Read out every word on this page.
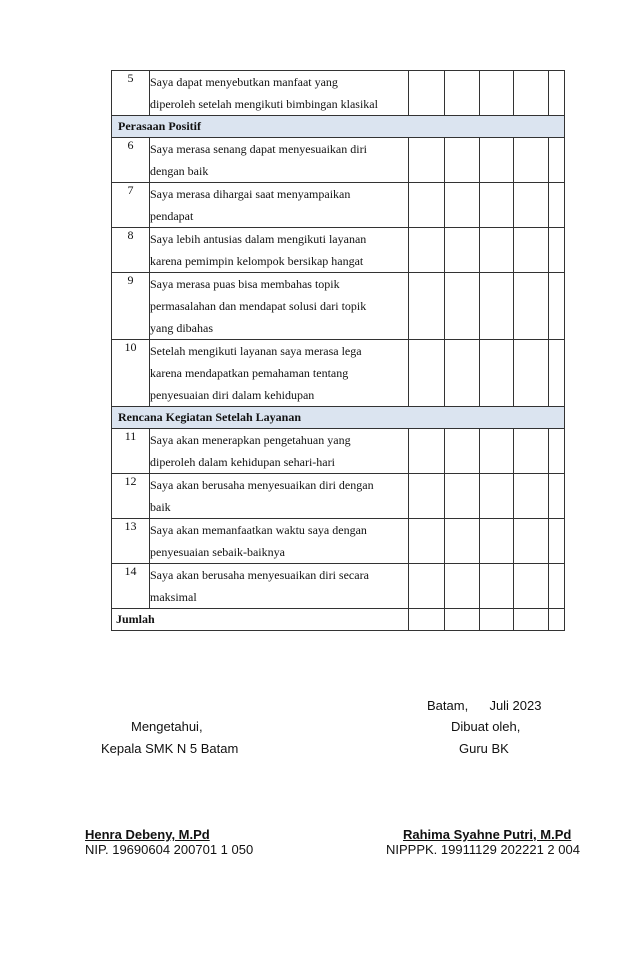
5	Saya dapat menyebutkan manfaat yang
diperoleh setelah mengikuti bimbingan klasikal					

Perasaan Positif						
6	Saya merasa senang dapat menyesuaikan diri
dengan baik					

7	Saya merasa dihargai saat menyampaikan
pendapat					

8	Saya lebih antusias dalam mengikuti layanan
karena pemimpin kelompok bersikap hangat					

9	Saya merasa puas bisa membahas topik
permasalahan dan mendapat solusi dari topik
yang dibahas					

10	Setelah mengikuti layanan saya merasa lega
karena mendapatkan pemahaman tentang
penyesuaian diri dalam kehidupan					

Rencana Kegiatan Setelah Layanan						
11	Saya akan menerapkan pengetahuan yang
diperoleh dalam kehidupan sehari-hari					

12	Saya akan berusaha menyesuaikan diri dengan
baik					

13	Saya akan memanfaatkan waktu saya dengan
penyesuaian sebaik-baiknya					

14	Saya akan berusaha menyesuaikan diri secara
maksimal					

Jumlah						
Batam, Juli 2023
Mengetahui,
Kepala SMK N 5 Batam
Dibuat oleh,
Guru BK
Henra Debeny, M.Pd
NIP. 19690604 200701 1 050
Rahima Syahne Putri, M.Pd
NIPPPK. 19911129 202221 2 004
